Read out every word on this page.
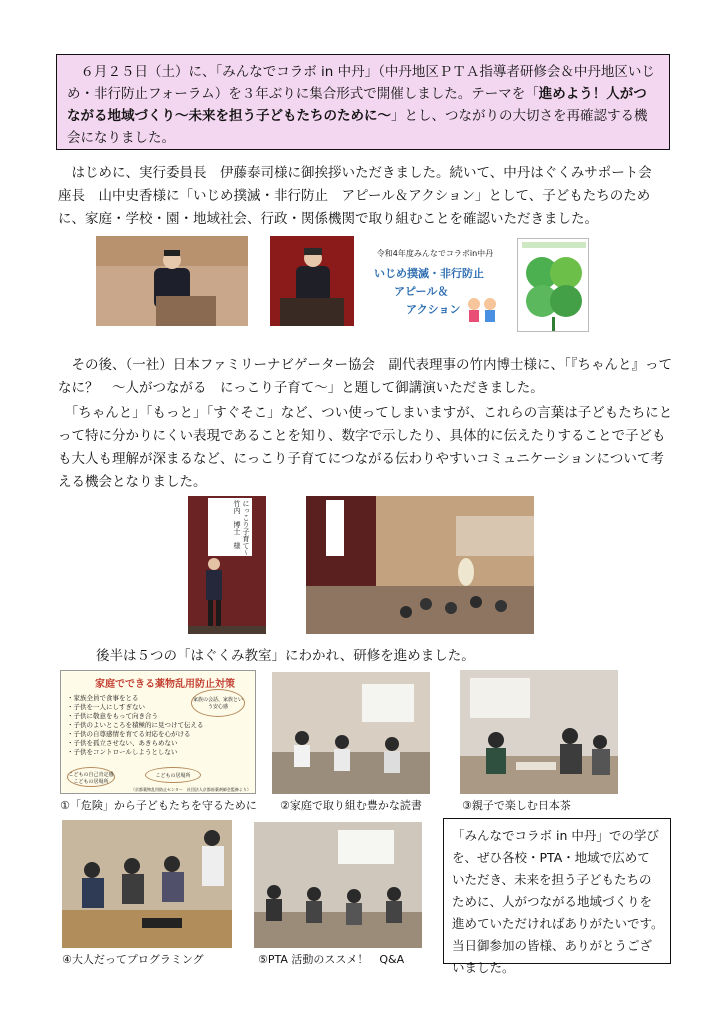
　６月２５日（土）に、「みんなでコラボ in 中丹」（中丹地区ＰＴＡ指導者研修会＆中丹地区いじめ・非行防止フォーラム）を３年ぶりに集合形式で開催しました。テーマを「進めよう！人がつながる地域づくり～未来を担う子どもたちのために～」とし、つながりの大切さを再確認する機会になりました。
　はじめに、実行委員長　伊藤泰司様に御挨拶いただきました。続いて、中丹はぐくみサポート会　座長　山中史香様に「いじめ撲滅・非行防止　アピール＆アクション」として、子どもたちのために、家庭・学校・園・地域社会、行政・関係機関で取り組むことを確認いただきました。
令和4年度みんなでコラボin中丹
いじめ撲滅・非行防止
アピール＆
アクション
　その後、（一社）日本ファミリーナビゲーター協会　副代表理事の竹内博士様に、「『ちゃんと』ってなに？　～人がつながる　にっこり子育て～」と題して御講演いただきました。
　「ちゃんと」「もっと」「すぐそこ」など、つい使ってしまいますが、これらの言葉は子どもたちにとって特に分かりにくい表現であることを知り、数字で示したり、具体的に伝えたりすることで子どもも大人も理解が深まるなど、にっこり子育てにつながる伝わりやすいコミュニケーションについて考える機会となりました。
にっこり子育て～ 竹内　博士　様
後半は５つの「はぐくみ教室」にわかれ、研修を進めました。
家庭でできる薬物乱用防止対策
・家族全員で食事をとる
・子供を一人にしすぎない
・子供に敬意をもって向き合う
・子供のよいところを積極的に見つけて伝える
・子供の自尊感情を育てる対応を心がける
・子供を孤立させない、あきらめない
・子供をコントロールしようとしない
家族の会話、家族という安心感
こどもの自己肯定感 こどもの居場所
こどもの居場所
（京都薬物乱用防止センター　社団法人京都府薬剤師会監修より）
①「危険」から子どもたちを守るために ②家庭で取り組む豊かな読書	③親子で楽しむ日本茶
④大人だってプログラミング	⑤PTA 活動のススメ！　Q&A
「みんなでコラボ in 中丹」での学びを、ぜひ各校・PTA・地域で広めていただき、未来を担う子どもたちのために、人がつながる地域づくりを進めていただければありがたいです。　当日御参加の皆様、ありがとうございました。
